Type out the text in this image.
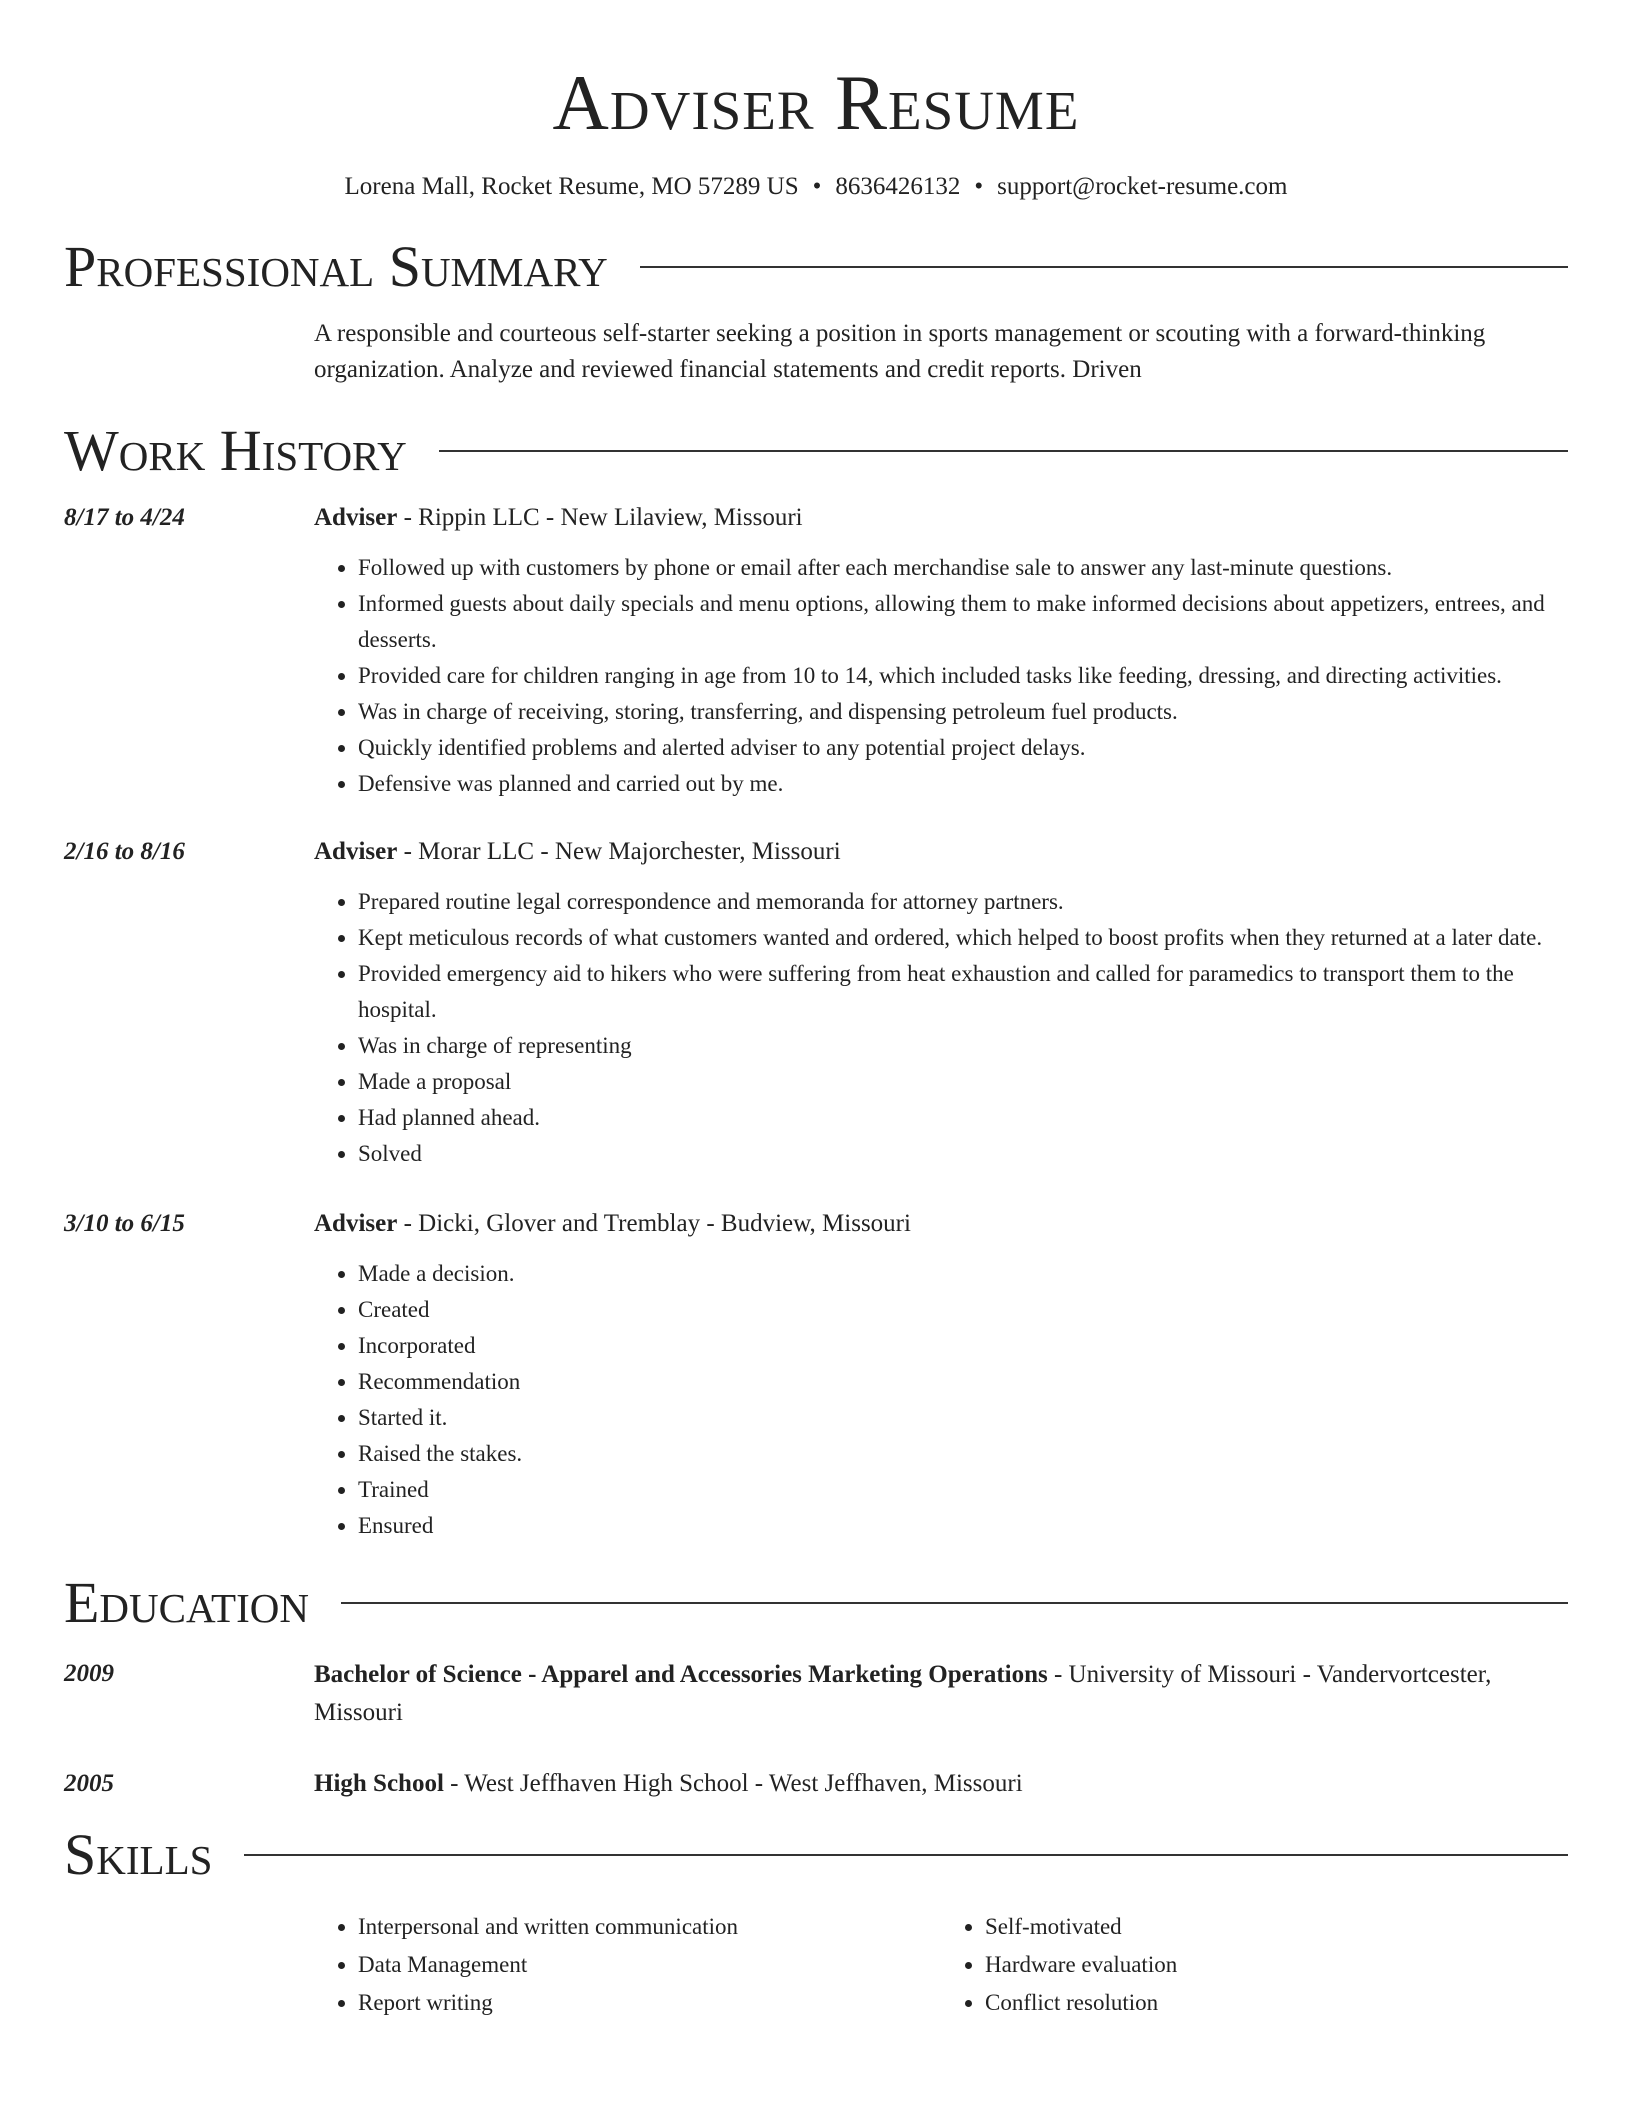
Adviser Resume
Lorena Mall, Rocket Resume, MO 57289 US • 8636426132 • support@rocket-resume.com
Professional Summary
A responsible and courteous self-starter seeking a position in sports management or scouting with a forward-thinking organization. Analyze and reviewed financial statements and credit reports. Driven
Work History
8/17 to 4/24	Adviser - Rippin LLC - New Lilaview, Missouri
• Followed up with customers by phone or email after each merchandise sale to answer any last-minute questions.
• Informed guests about daily specials and menu options, allowing them to make informed decisions about appetizers, entrees, and desserts.
• Provided care for children ranging in age from 10 to 14, which included tasks like feeding, dressing, and directing activities.
• Was in charge of receiving, storing, transferring, and dispensing petroleum fuel products.
• Quickly identified problems and alerted adviser to any potential project delays.
• Defensive was planned and carried out by me.
2/16 to 8/16	Adviser - Morar LLC - New Majorchester, Missouri
• Prepared routine legal correspondence and memoranda for attorney partners.
• Kept meticulous records of what customers wanted and ordered, which helped to boost profits when they returned at a later date.
• Provided emergency aid to hikers who were suffering from heat exhaustion and called for paramedics to transport them to the hospital.
• Was in charge of representing
• Made a proposal
• Had planned ahead.
• Solved
3/10 to 6/15	Adviser - Dicki, Glover and Tremblay - Budview, Missouri
• Made a decision.
• Created
• Incorporated
• Recommendation
• Started it.
• Raised the stakes.
• Trained
• Ensured
Education
2009	Bachelor of Science - Apparel and Accessories Marketing Operations - University of Missouri - Vandervortcester, Missouri
2005	High School - West Jeffhaven High School - West Jeffhaven, Missouri
Skills
• Interpersonal and written communication
• Data Management
• Report writing
• Self-motivated
• Hardware evaluation
• Conflict resolution
